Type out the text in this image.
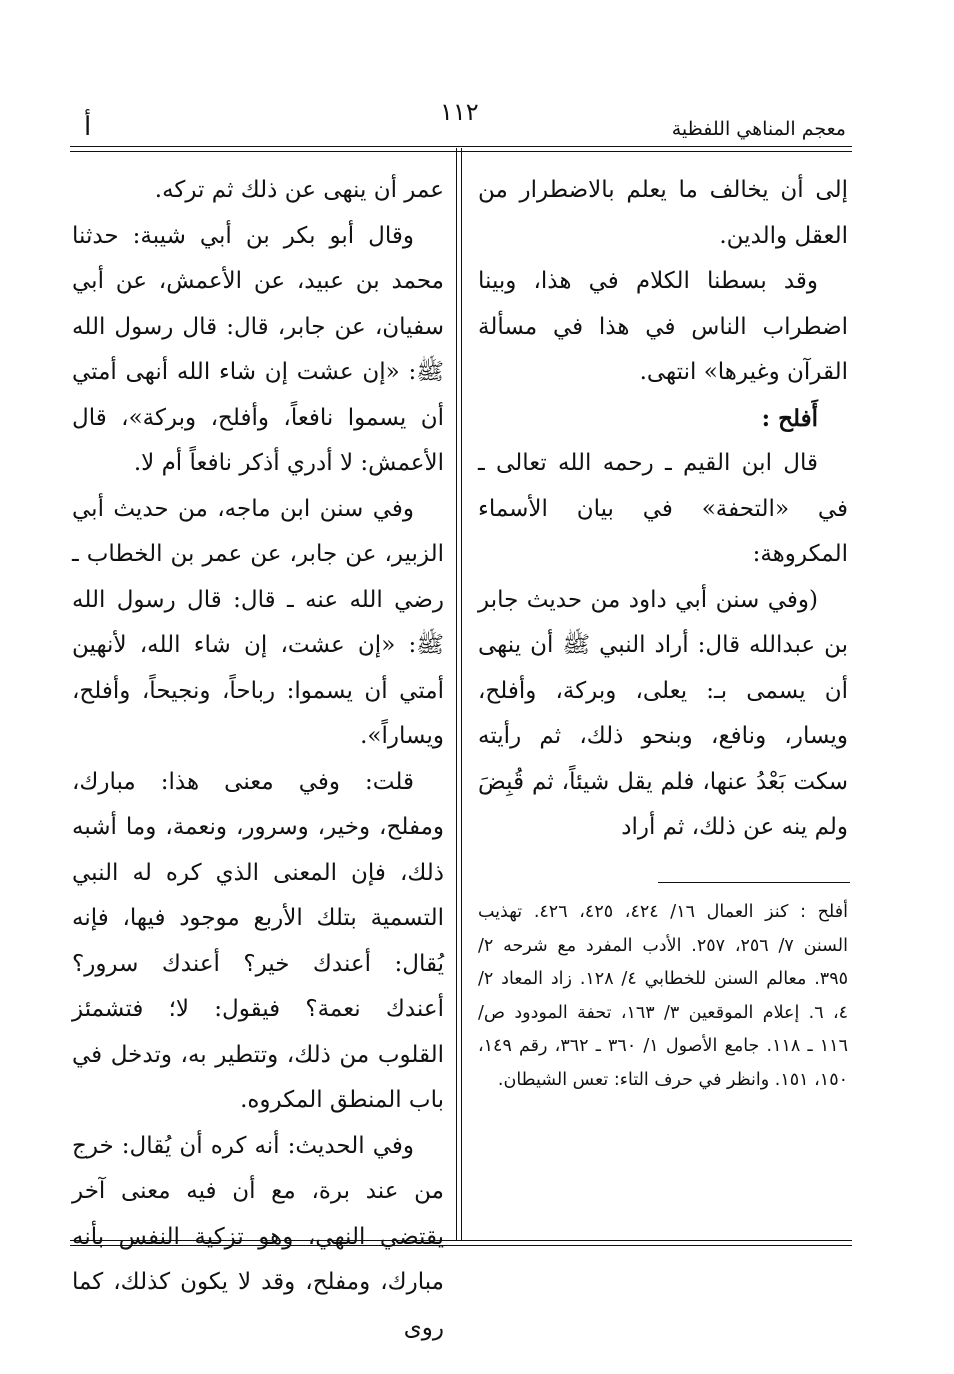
معجم المناهي اللفظية
١١٢
أ

إلى أن يخالف ما يعلم بالاضطرار من العقل والدين.

وقد بسطنا الكلام في هذا، وبينا اضطراب الناس في هذا في مسألة القرآن وغيرها» انتهى.

أَفلح :

قال ابن القيم ـ رحمه الله تعالى ـ في «التحفة» في بيان الأسماء المكروهة:

(وفي سنن أبي داود من حديث جابر بن عبدالله قال: أراد النبي ﷺ أن ينهى أن يسمى بـ: يعلى، وبركة، وأفلح، ويسار، ونافع، وبنحو ذلك، ثم رأيته سكت بَعْدُ عنها، فلم يقل شيئاً، ثم قُبِضَ ولم ينه عن ذلك، ثم أراد

أفلح : كنز العمال ١٦/ ٤٢٤، ٤٢٥، ٤٢٦. تهذيب السنن ٧/ ٢٥٦، ٢٥٧. الأدب المفرد مع شرحه ٢/ ٣٩٥. معالم السنن للخطابي ٤/ ١٢٨. زاد المعاد ٢/ ٤، ٦. إعلام الموقعين ٣/ ١٦٣، تحفة المودود ص/ ١١٦ ـ ١١٨. جامع الأصول ١/ ٣٦٠ ـ ٣٦٢، رقم ١٤٩، ١٥٠، ١٥١. وانظر في حرف التاء: تعس الشيطان.

عمر أن ينهى عن ذلك ثم تركه.

وقال أبو بكر بن أبي شيبة: حدثنا محمد بن عبيد، عن الأعمش، عن أبي سفيان، عن جابر، قال: قال رسول الله ﷺ: «إن عشت إن شاء الله أنهى أمتي أن يسموا نافعاً، وأفلح، وبركة»، قال الأعمش: لا أدري أذكر نافعاً أم لا.

وفي سنن ابن ماجه، من حديث أبي الزبير، عن جابر، عن عمر بن الخطاب ـ رضي الله عنه ـ قال: قال رسول الله ﷺ: «إن عشت، إن شاء الله، لأنهين أمتي أن يسموا: رباحاً، ونجيحاً، وأفلح، ويساراً».

قلت: وفي معنى هذا: مبارك، ومفلح، وخير، وسرور، ونعمة، وما أشبه ذلك، فإن المعنى الذي كره له النبي التسمية بتلك الأربع موجود فيها، فإنه يُقال: أعندك خير؟ أعندك سرور؟ أعندك نعمة؟ فيقول: لا؛ فتشمئز القلوب من ذلك، وتتطير به، وتدخل في باب المنطق المكروه.

وفي الحديث: أنه كره أن يُقال: خرج من عند برة، مع أن فيه معنى آخر يقتضي النهي، وهو تزكية النفس بأنه مبارك، ومفلح، وقد لا يكون كذلك، كما روى
